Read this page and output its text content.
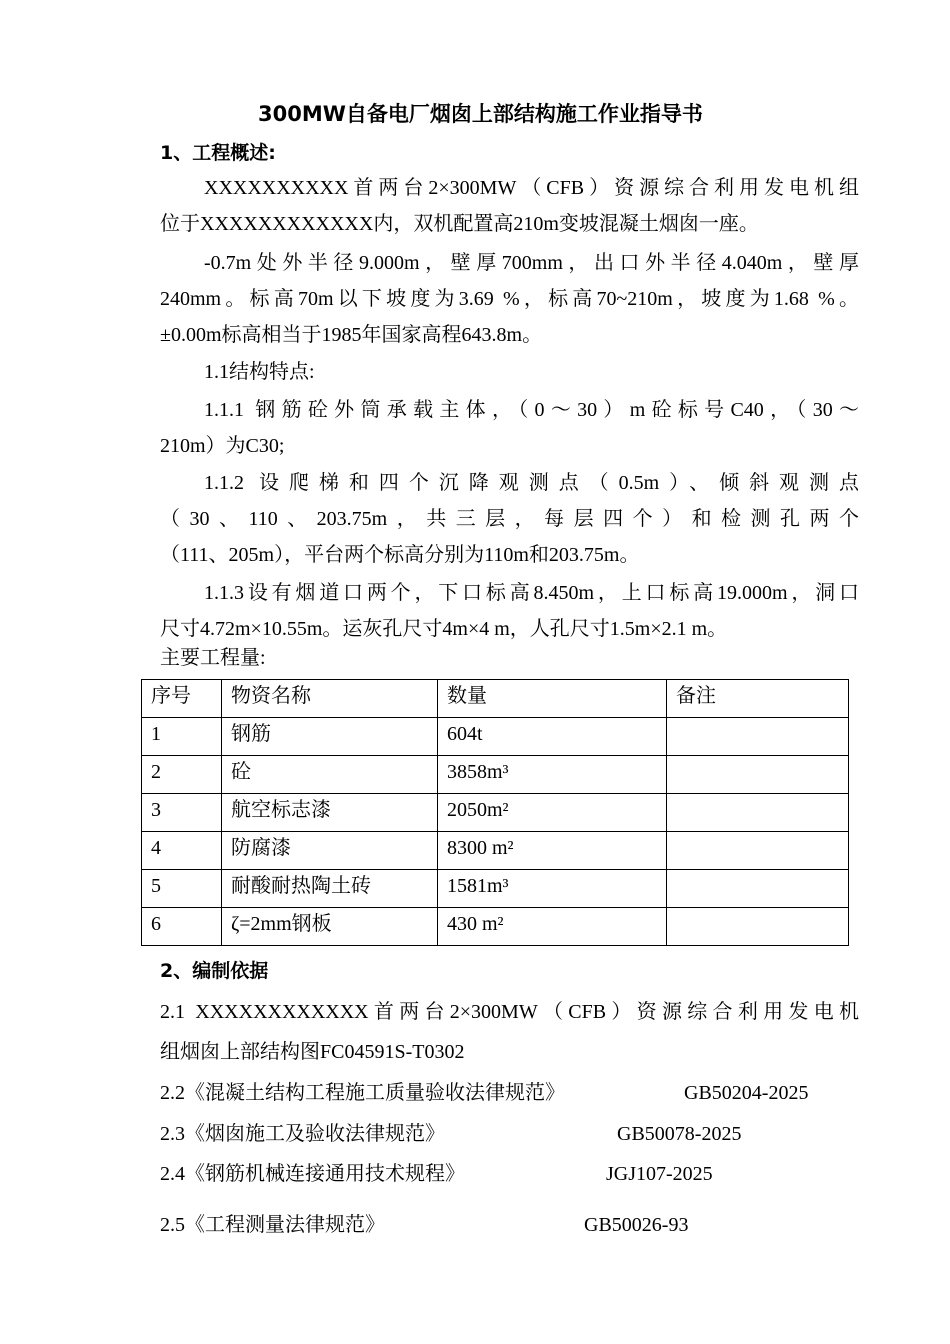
300MW自备电厂烟囱上部结构施工作业指导书
1、工程概述:
XXXXXXXXXX首两台2×300MW（CFB）资源综合利用发电机组
位于XXXXXXXXXXXX内，双机配置高210m变坡混凝土烟囱一座。
-0.7m处外半径9.000m，壁厚700mm，出口外半径4.040m，壁厚
240mm。标高70m以下坡度为3.69 %，标高70~210m，坡度为1.68 %。
±0.00m标高相当于1985年国家高程643.8m。
1.1结构特点:
1.1.1 钢筋砼外筒承载主体，（0～30）m砼标号C40，（30～
210m）为C30;
1.1.2 设爬梯和四个沉降观测点（0.5m）、倾斜观测点
（30、110、203.75m，共三层，每层四个）和检测孔两个
（111、205m），平台两个标高分别为110m和203.75m。
1.1.3设有烟道口两个，下口标高8.450m，上口标高19.000m，洞口
尺寸4.72m×10.55m。运灰孔尺寸4m×4 m，人孔尺寸1.5m×2.1 m。
主要工程量:
序号	物资名称	数量	备注
1	钢筋	604t	
2	砼	3858m³	
3	航空标志漆	2050m²	
4	防腐漆	8300 m²	
5	耐酸耐热陶土砖	1581m³	
6	ζ=2mm钢板	430 m²	
2、编制依据
2.1 XXXXXXXXXXXX首两台2×300MW（CFB）资源综合利用发电机
组烟囱上部结构图FC04591S-T0302
2.2《混凝土结构工程施工质量验收法律规范》	GB50204-2025
2.3《烟囱施工及验收法律规范》	GB50078-2025
2.4《钢筋机械连接通用技术规程》	JGJ107-2025
2.5《工程测量法律规范》	GB50026-93
